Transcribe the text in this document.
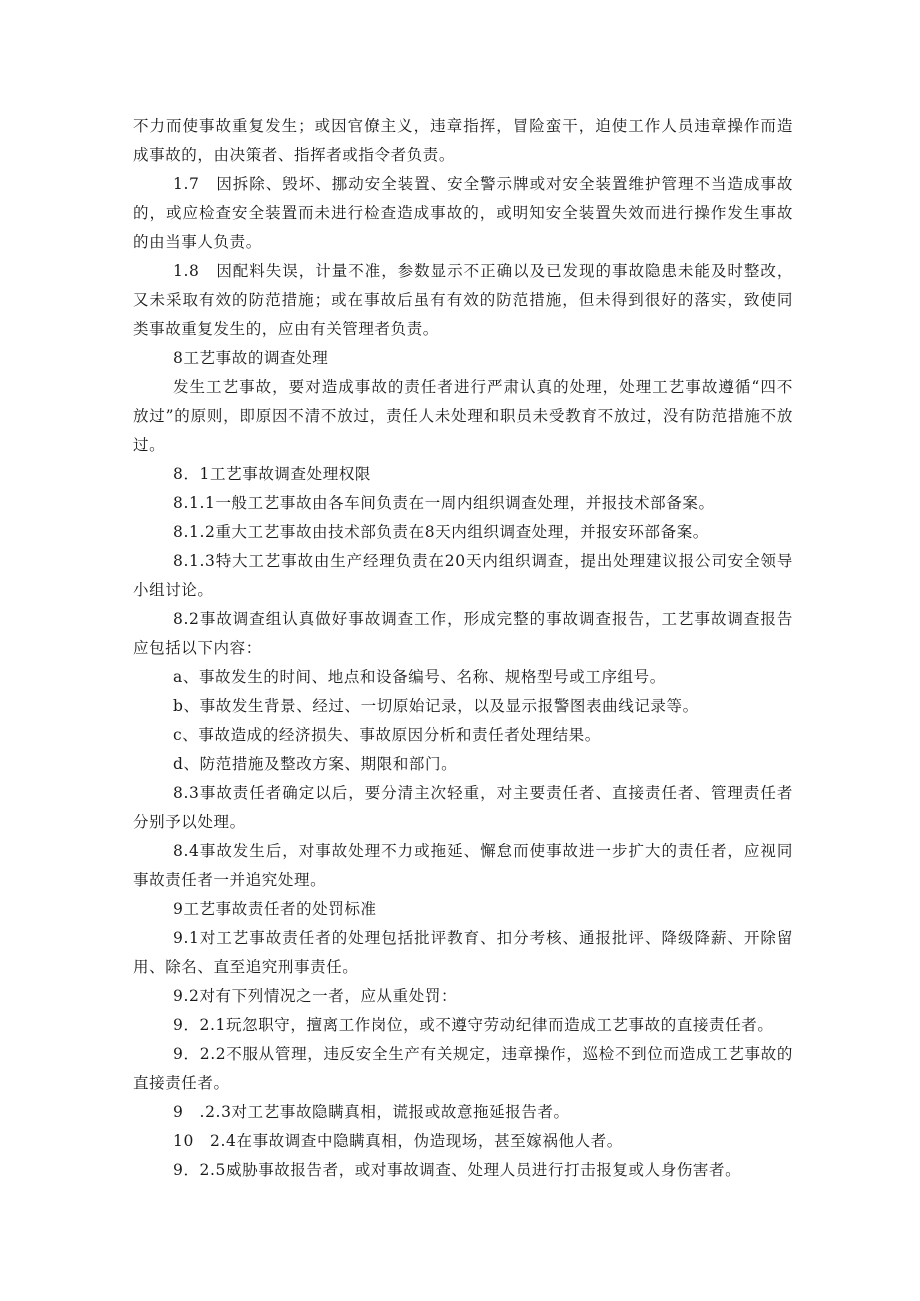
不力而使事故重复发生；或因官僚主义，违章指挥，冒险蛮干，迫使工作人员违章操作而造成事故的，由决策者、指挥者或指令者负责。

1.7　因拆除、毁坏、挪动安全装置、安全警示牌或对安全装置维护管理不当造成事故的，或应检查安全装置而未进行检查造成事故的，或明知安全装置失效而进行操作发生事故的由当事人负责。

1.8　因配料失误，计量不准，参数显示不正确以及已发现的事故隐患未能及时整改，又未采取有效的防范措施；或在事故后虽有有效的防范措施，但未得到很好的落实，致使同类事故重复发生的，应由有关管理者负责。

8工艺事故的调查处理

发生工艺事故，要对造成事故的责任者进行严肃认真的处理，处理工艺事故遵循“四不放过”的原则，即原因不清不放过，责任人未处理和职员未受教育不放过，没有防范措施不放过。

8．1工艺事故调查处理权限

8.1.1一般工艺事故由各车间负责在一周内组织调查处理，并报技术部备案。

8.1.2重大工艺事故由技术部负责在8天内组织调查处理，并报安环部备案。

8.1.3特大工艺事故由生产经理负责在20天内组织调查，提出处理建议报公司安全领导小组讨论。

8.2事故调查组认真做好事故调查工作，形成完整的事故调查报告，工艺事故调查报告应包括以下内容：

a、事故发生的时间、地点和设备编号、名称、规格型号或工序组号。

b、事故发生背景、经过、一切原始记录，以及显示报警图表曲线记录等。

c、事故造成的经济损失、事故原因分析和责任者处理结果。

d、防范措施及整改方案、期限和部门。

8.3事故责任者确定以后，要分清主次轻重，对主要责任者、直接责任者、管理责任者分别予以处理。

8.4事故发生后，对事故处理不力或拖延、懈怠而使事故进一步扩大的责任者，应视同事故责任者一并追究处理。

9工艺事故责任者的处罚标准

9.1对工艺事故责任者的处理包括批评教育、扣分考核、通报批评、降级降薪、开除留用、除名、直至追究刑事责任。

9.2对有下列情况之一者，应从重处罚：

9．2.1玩忽职守，擅离工作岗位，或不遵守劳动纪律而造成工艺事故的直接责任者。

9．2.2不服从管理，违反安全生产有关规定，违章操作，巡检不到位而造成工艺事故的直接责任者。

9　.2.3对工艺事故隐瞒真相，谎报或故意拖延报告者。

10　2.4在事故调查中隐瞒真相，伪造现场，甚至嫁祸他人者。

9．2.5威胁事故报告者，或对事故调查、处理人员进行打击报复或人身伤害者。
